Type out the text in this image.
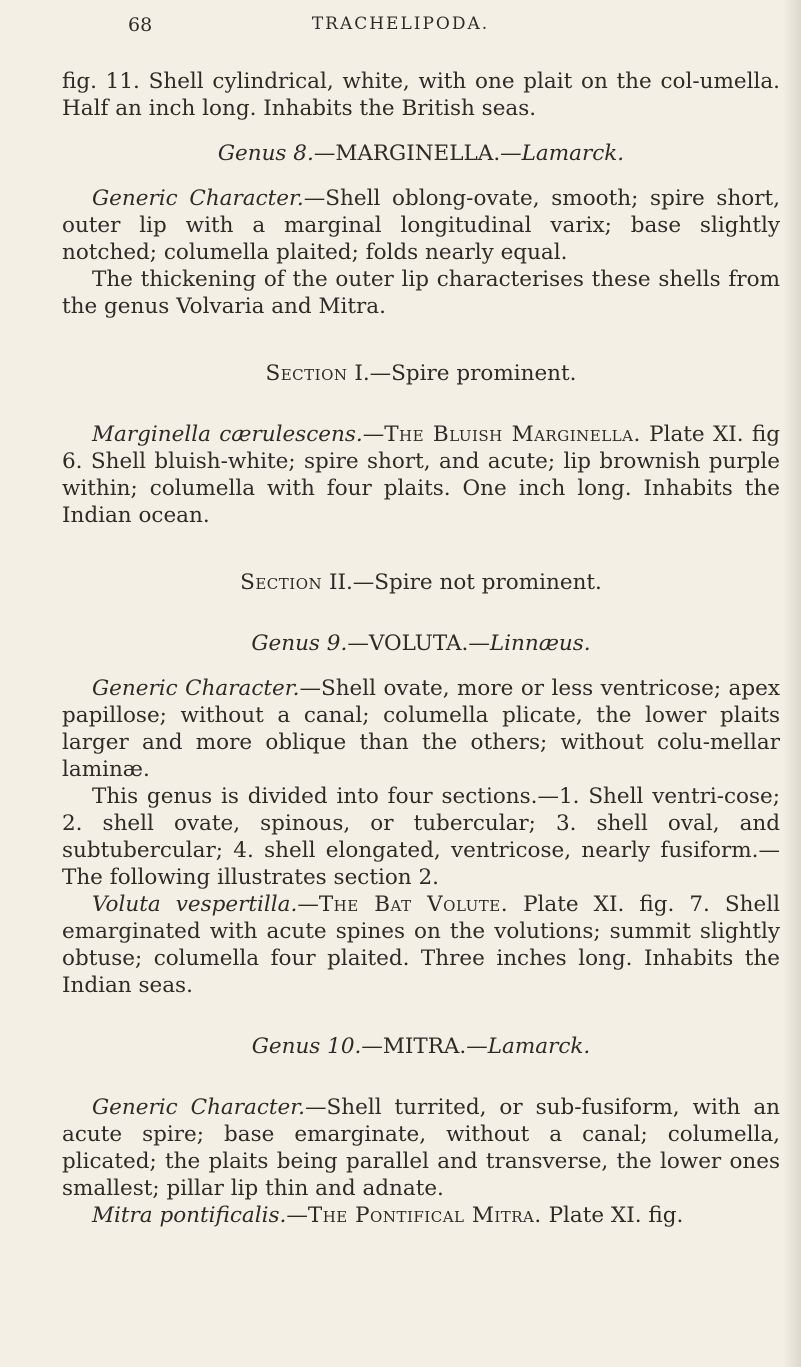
68	TRACHELIPODA.

fig. 11. Shell cylindrical, white, with one plait on the col-umella. Half an inch long. Inhabits the British seas.

Genus 8.—MARGINELLA.—Lamarck.

Generic Character.—Shell oblong-ovate, smooth; spire short, outer lip with a marginal longitudinal varix; base slightly notched; columella plaited; folds nearly equal.

The thickening of the outer lip characterises these shells from the genus Volvaria and Mitra.

Section I.—Spire prominent.

Marginella cærulescens.—The Bluish Marginella. Plate XI. fig 6. Shell bluish-white; spire short, and acute; lip brownish purple within; columella with four plaits. One inch long. Inhabits the Indian ocean.

Section II.—Spire not prominent.
Genus 9.—VOLUTA.—Linnæus.

Generic Character.—Shell ovate, more or less ventricose; apex papillose; without a canal; columella plicate, the lower plaits larger and more oblique than the others; without colu-mellar laminæ.

This genus is divided into four sections.—1. Shell ventri-cose; 2. shell ovate, spinous, or tubercular; 3. shell oval, and subtubercular; 4. shell elongated, ventricose, nearly fusiform.—The following illustrates section 2.

Voluta vespertilla.—The Bat Volute. Plate XI. fig. 7. Shell emarginated with acute spines on the volutions; summit slightly obtuse; columella four plaited. Three inches long. Inhabits the Indian seas.

Genus 10.—MITRA.—Lamarck.

Generic Character.—Shell turrited, or sub-fusiform, with an acute spire; base emarginate, without a canal; columella, plicated; the plaits being parallel and transverse, the lower ones smallest; pillar lip thin and adnate.

Mitra pontificalis.—The Pontifical Mitra. Plate XI. fig.
